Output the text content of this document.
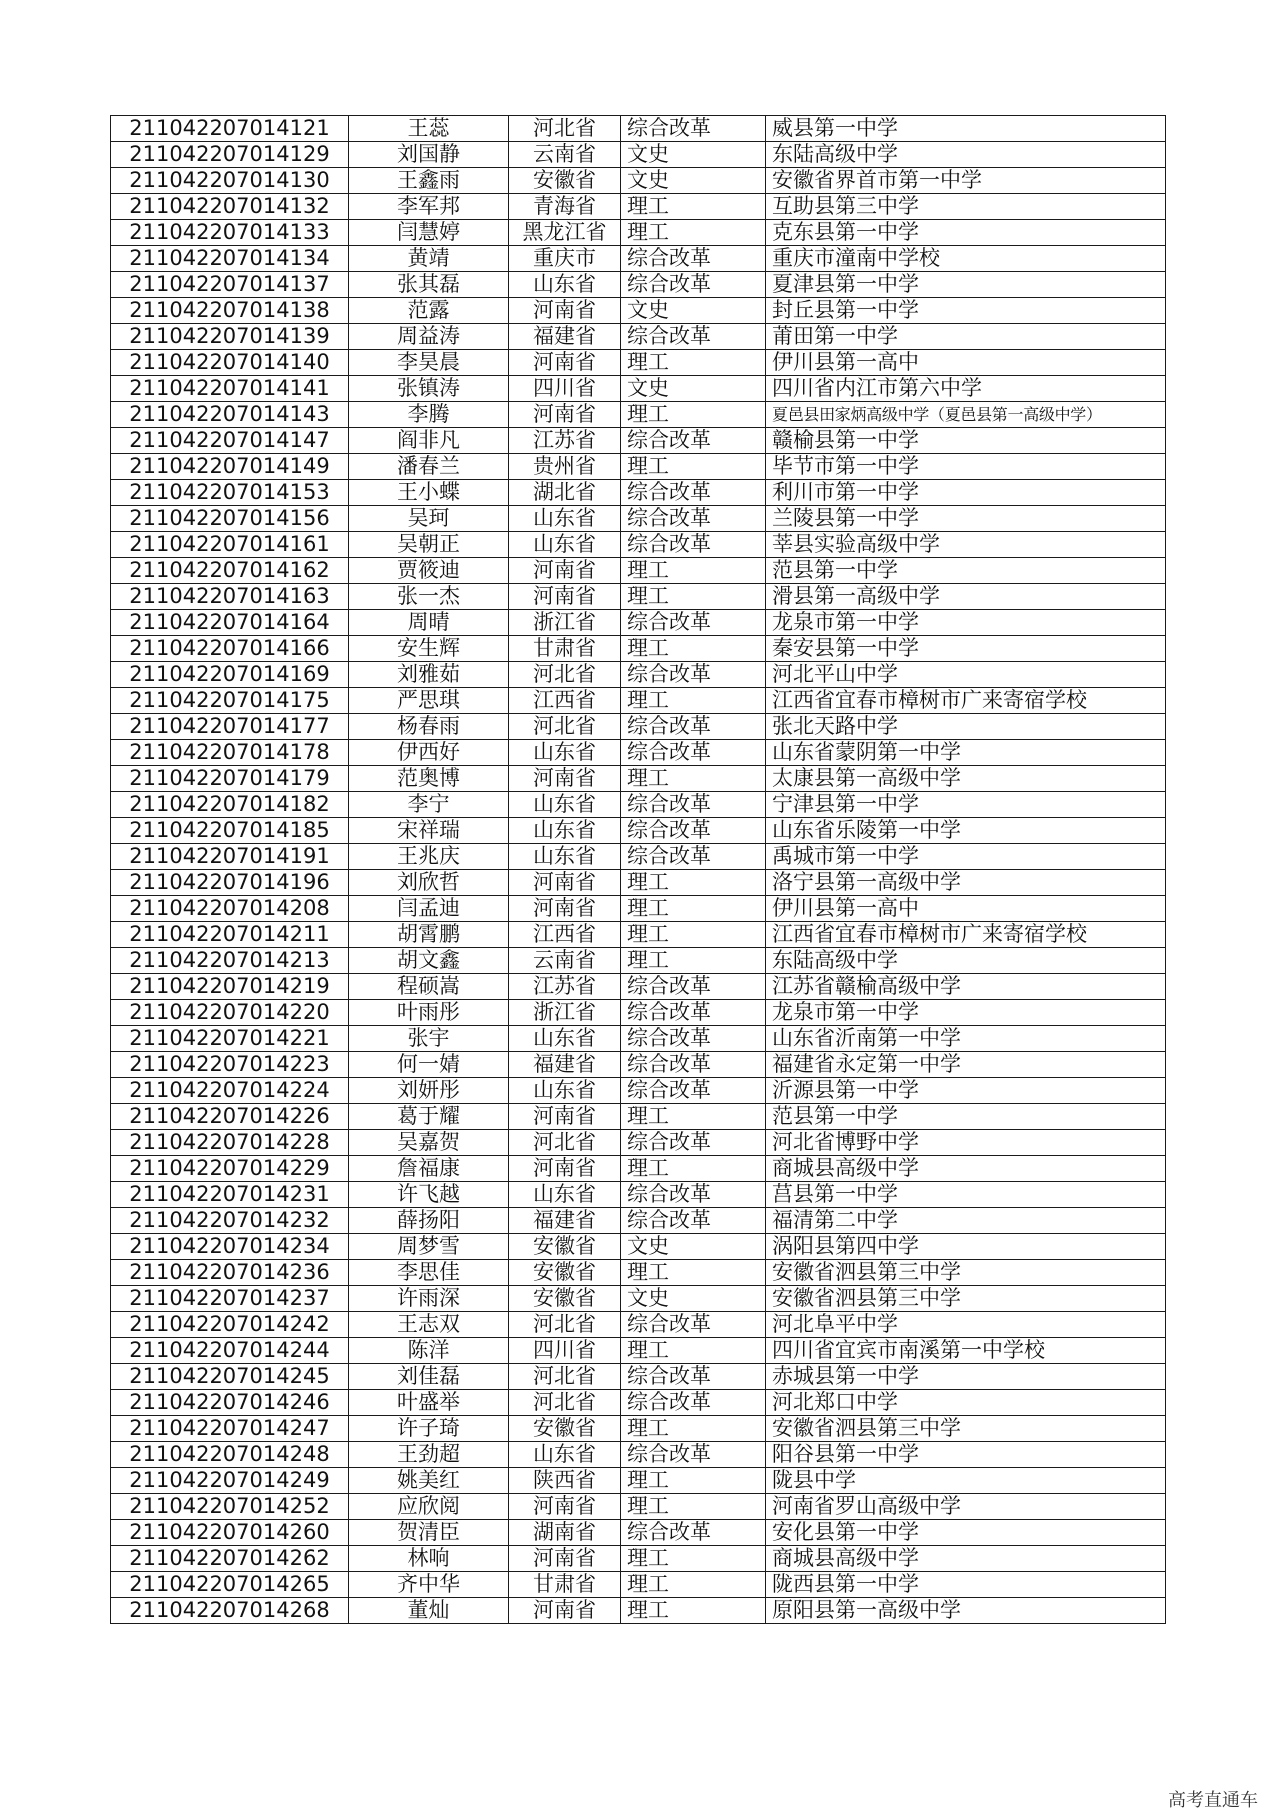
211042207014121	王蕊	河北省	综合改革	威县第一中学
211042207014129	刘国静	云南省	文史	东陆高级中学
211042207014130	王鑫雨	安徽省	文史	安徽省界首市第一中学
211042207014132	李军邦	青海省	理工	互助县第三中学
211042207014133	闫慧婷	黑龙江省	理工	克东县第一中学
211042207014134	黄靖	重庆市	综合改革	重庆市潼南中学校
211042207014137	张其磊	山东省	综合改革	夏津县第一中学
211042207014138	范露	河南省	文史	封丘县第一中学
211042207014139	周益涛	福建省	综合改革	莆田第一中学
211042207014140	李昊晨	河南省	理工	伊川县第一高中
211042207014141	张镇涛	四川省	文史	四川省内江市第六中学
211042207014143	李腾	河南省	理工	夏邑县田家炳高级中学（夏邑县第一高级中学）
211042207014147	阎非凡	江苏省	综合改革	赣榆县第一中学
211042207014149	潘春兰	贵州省	理工	毕节市第一中学
211042207014153	王小蝶	湖北省	综合改革	利川市第一中学
211042207014156	吴珂	山东省	综合改革	兰陵县第一中学
211042207014161	吴朝正	山东省	综合改革	莘县实验高级中学
211042207014162	贾筱迪	河南省	理工	范县第一中学
211042207014163	张一杰	河南省	理工	滑县第一高级中学
211042207014164	周晴	浙江省	综合改革	龙泉市第一中学
211042207014166	安生辉	甘肃省	理工	秦安县第一中学
211042207014169	刘雅茹	河北省	综合改革	河北平山中学
211042207014175	严思琪	江西省	理工	江西省宜春市樟树市广来寄宿学校
211042207014177	杨春雨	河北省	综合改革	张北天路中学
211042207014178	伊西好	山东省	综合改革	山东省蒙阴第一中学
211042207014179	范奥博	河南省	理工	太康县第一高级中学
211042207014182	李宁	山东省	综合改革	宁津县第一中学
211042207014185	宋祥瑞	山东省	综合改革	山东省乐陵第一中学
211042207014191	王兆庆	山东省	综合改革	禹城市第一中学
211042207014196	刘欣哲	河南省	理工	洛宁县第一高级中学
211042207014208	闫孟迪	河南省	理工	伊川县第一高中
211042207014211	胡霄鹏	江西省	理工	江西省宜春市樟树市广来寄宿学校
211042207014213	胡文鑫	云南省	理工	东陆高级中学
211042207014219	程硕嵩	江苏省	综合改革	江苏省赣榆高级中学
211042207014220	叶雨彤	浙江省	综合改革	龙泉市第一中学
211042207014221	张宇	山东省	综合改革	山东省沂南第一中学
211042207014223	何一婧	福建省	综合改革	福建省永定第一中学
211042207014224	刘妍彤	山东省	综合改革	沂源县第一中学
211042207014226	葛于耀	河南省	理工	范县第一中学
211042207014228	吴嘉贺	河北省	综合改革	河北省博野中学
211042207014229	詹福康	河南省	理工	商城县高级中学
211042207014231	许飞越	山东省	综合改革	莒县第一中学
211042207014232	薛扬阳	福建省	综合改革	福清第二中学
211042207014234	周梦雪	安徽省	文史	涡阳县第四中学
211042207014236	李思佳	安徽省	理工	安徽省泗县第三中学
211042207014237	许雨深	安徽省	文史	安徽省泗县第三中学
211042207014242	王志双	河北省	综合改革	河北阜平中学
211042207014244	陈洋	四川省	理工	四川省宜宾市南溪第一中学校
211042207014245	刘佳磊	河北省	综合改革	赤城县第一中学
211042207014246	叶盛举	河北省	综合改革	河北郑口中学
211042207014247	许子琦	安徽省	理工	安徽省泗县第三中学
211042207014248	王劲超	山东省	综合改革	阳谷县第一中学
211042207014249	姚美红	陕西省	理工	陇县中学
211042207014252	应欣阅	河南省	理工	河南省罗山高级中学
211042207014260	贺清臣	湖南省	综合改革	安化县第一中学
211042207014262	林响	河南省	理工	商城县高级中学
211042207014265	齐中华	甘肃省	理工	陇西县第一中学
211042207014268	董灿	河南省	理工	原阳县第一高级中学
高考直通车
